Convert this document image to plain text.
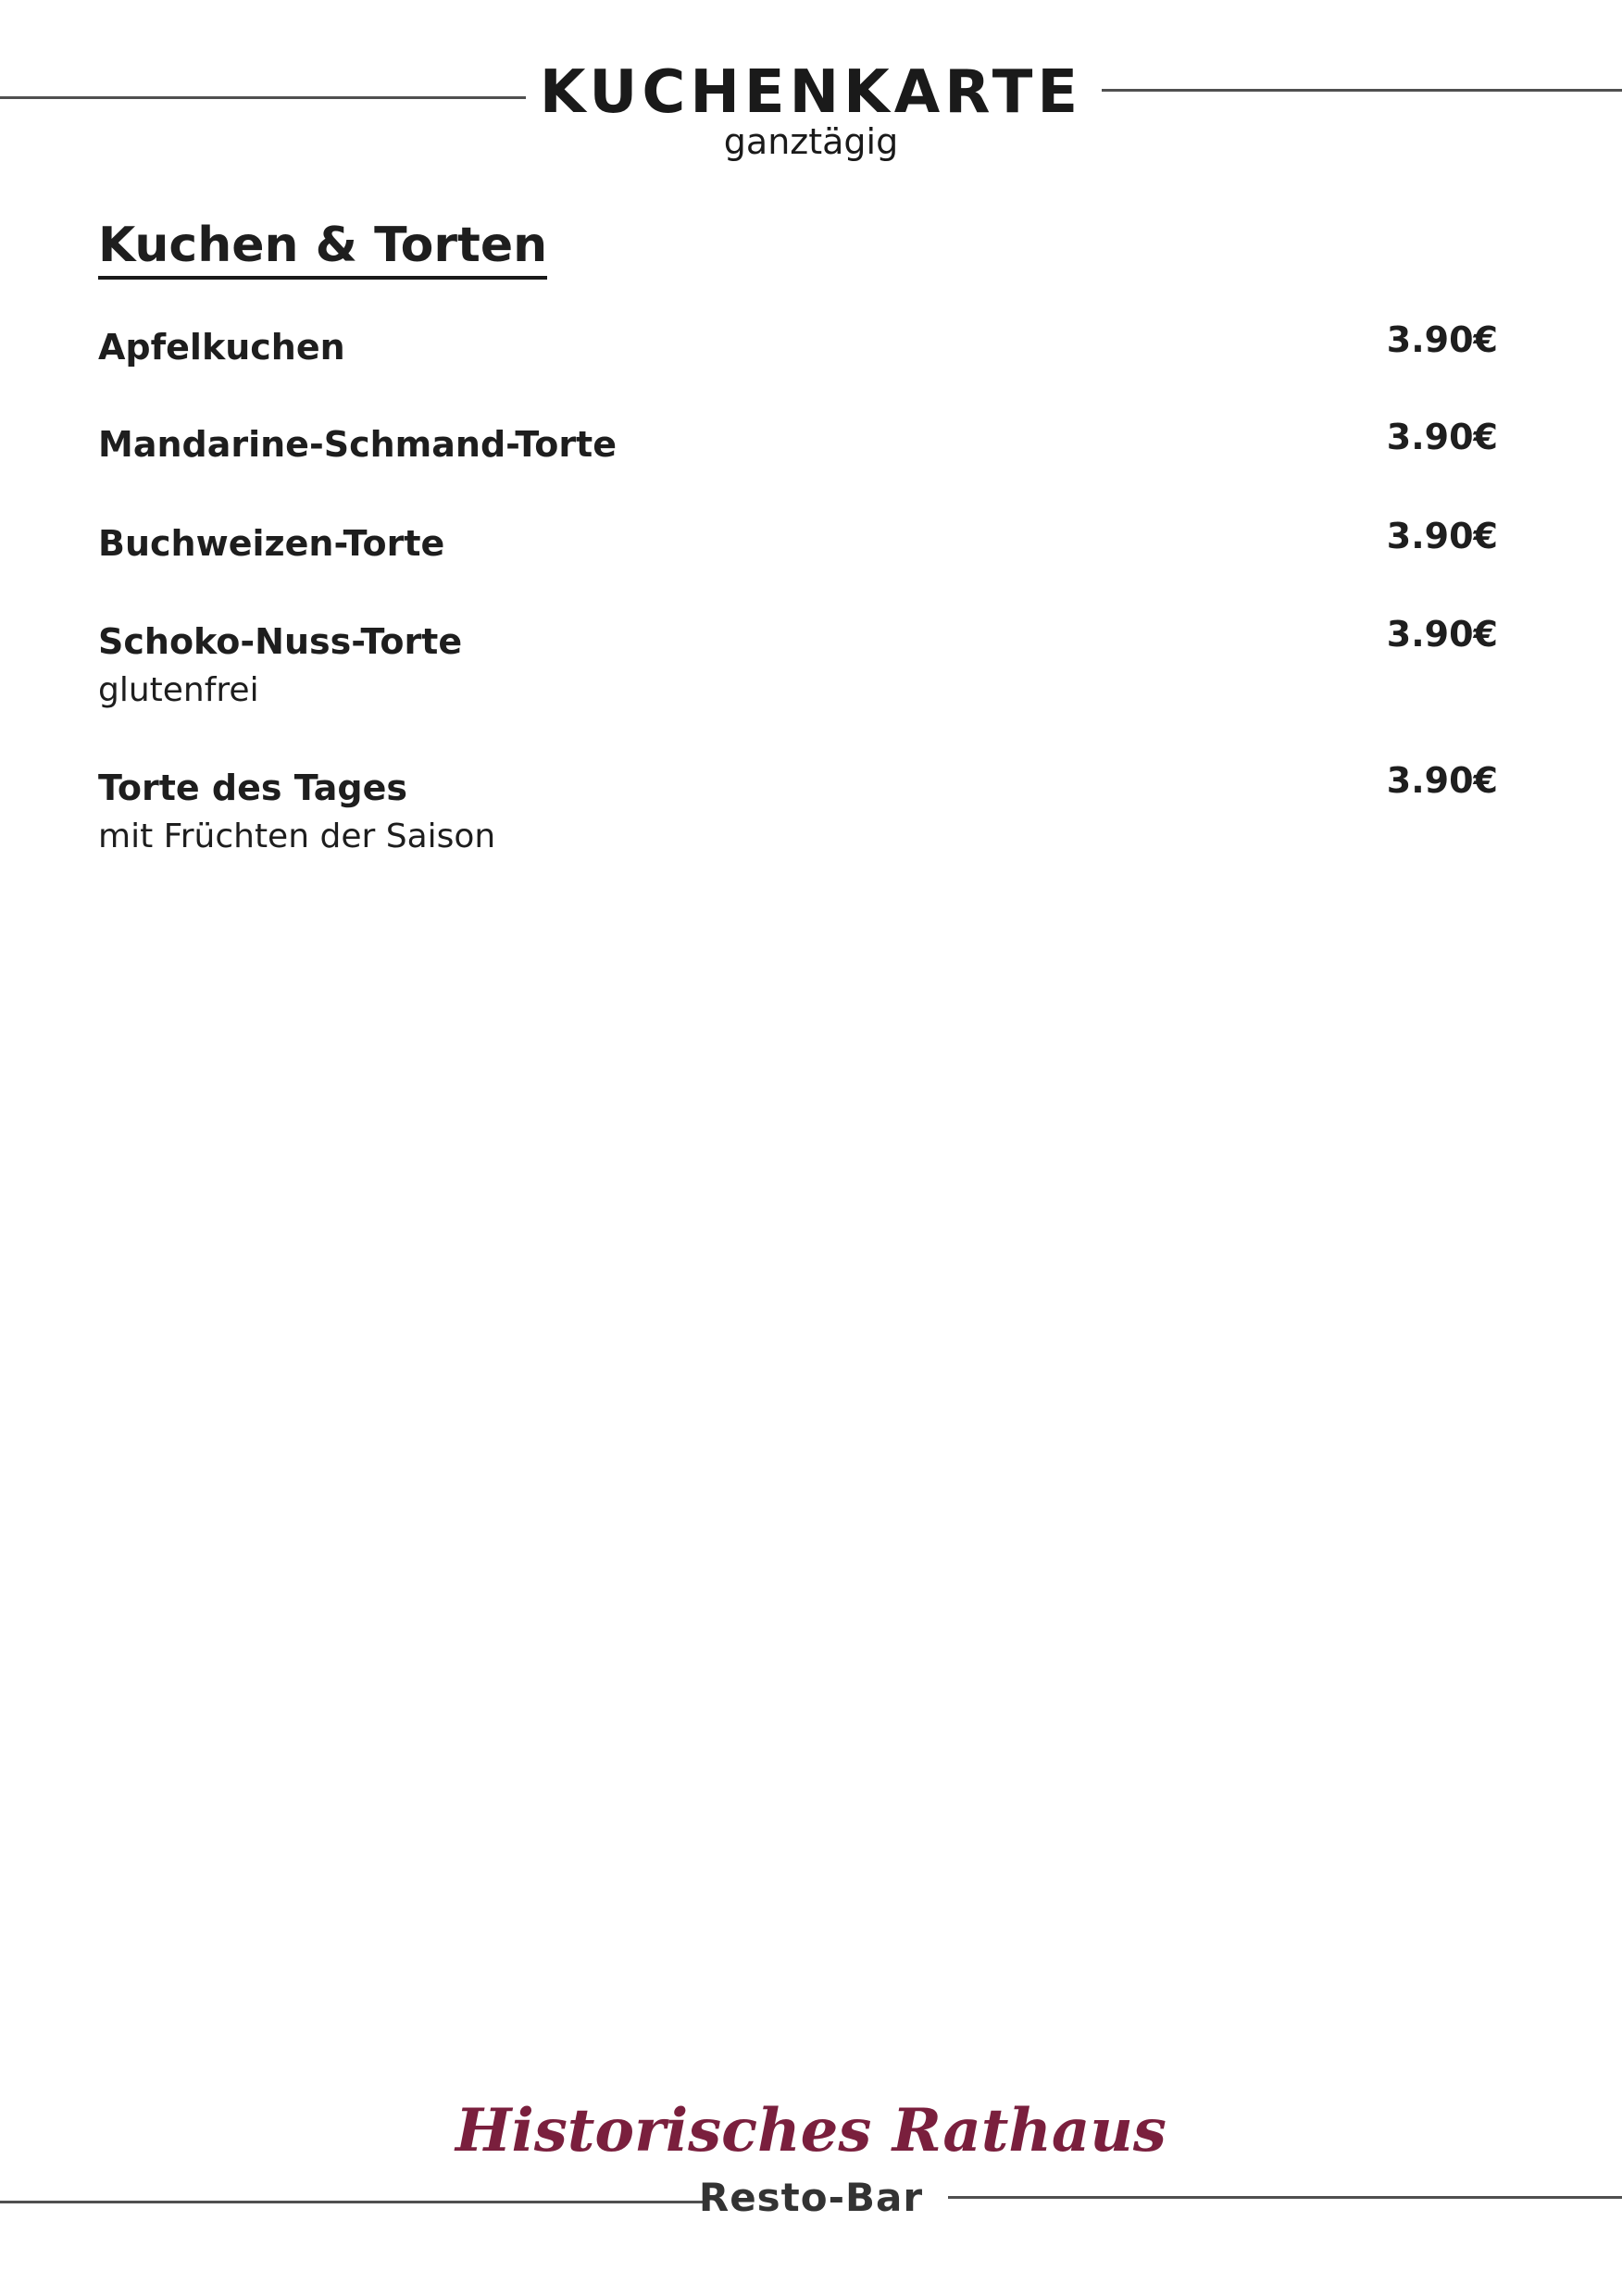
KUCHENKARTE
ganztägig
Kuchen & Torten
Apfelkuchen	3.90€
Mandarine-Schmand-Torte	3.90€
Buchweizen-Torte	3.90€
Schoko-Nuss-Torte
glutenfrei
3.90€
Torte des Tages
mit Früchten der Saison
3.90€
Historisches Rathaus
Resto-Bar
